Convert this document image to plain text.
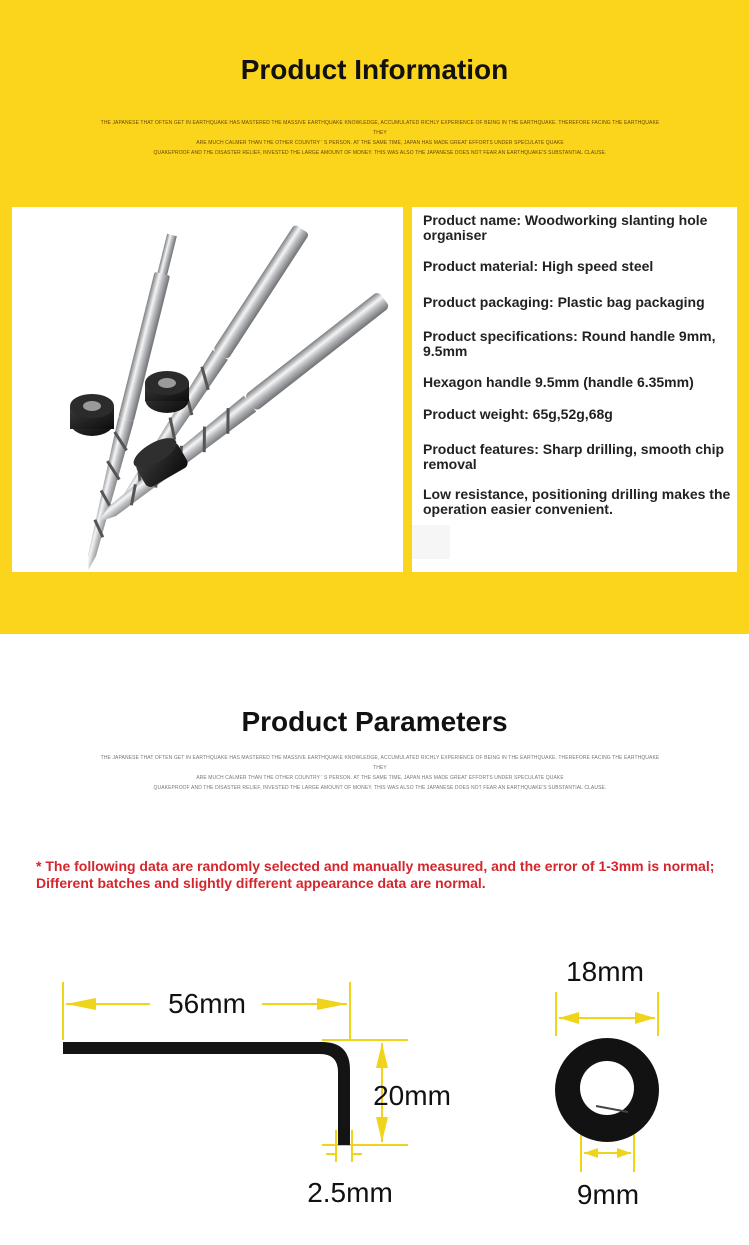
Product Information
THE JAPANESE THAT OFTEN GET IN EARTHQUAKE HAS MASTERED THE MASSIVE EARTHQUAKE KNOWLEDGE, ACCUMULATED RICHLY EXPERIENCE OF BEING IN THE EARTHQUAKE. THEREFORE FACING THE EARTHQUAKE THEY
ARE MUCH CALMER THAN THE OTHER COUNTRY ' S PERSON. AT THE SAME TIME, JAPAN HAS MADE GREAT EFFORTS UNDER SPECULATE QUAKE
QUAKEPROOF AND THE DISASTER RELIEF, INVESTED THE LARGE AMOUNT OF MONEY. THIS WAS ALSO THE JAPANESE DOES NOT FEAR AN EARTHQUAKE'S SUBSTANTIAL CLAUSE.
Product name: Woodworking slanting hole organiser
Product material: High speed steel
Product packaging: Plastic bag packaging
Product specifications: Round handle 9mm, 9.5mm
Hexagon handle 9.5mm (handle 6.35mm)
Product weight: 65g,52g,68g
Product features: Sharp drilling, smooth chip removal
Low resistance, positioning drilling makes the operation easier convenient.
Product Parameters
THE JAPANESE THAT OFTEN GET IN EARTHQUAKE HAS MASTERED THE MASSIVE EARTHQUAKE KNOWLEDGE, ACCUMULATED RICHLY EXPERIENCE OF BEING IN THE EARTHQUAKE. THEREFORE FACING THE EARTHQUAKE THEY
ARE MUCH CALMER THAN THE OTHER COUNTRY ' S PERSON. AT THE SAME TIME, JAPAN HAS MADE GREAT EFFORTS UNDER SPECULATE QUAKE
QUAKEPROOF AND THE DISASTER RELIEF, INVESTED THE LARGE AMOUNT OF MONEY. THIS WAS ALSO THE JAPANESE DOES NOT FEAR AN EARTHQUAKE'S SUBSTANTIAL CLAUSE.

* The following data are randomly selected and manually measured, and the error of 1-3mm is normal; Different batches and slightly different appearance data are normal.

56mm
20mm
2.5mm
18mm
9mm
